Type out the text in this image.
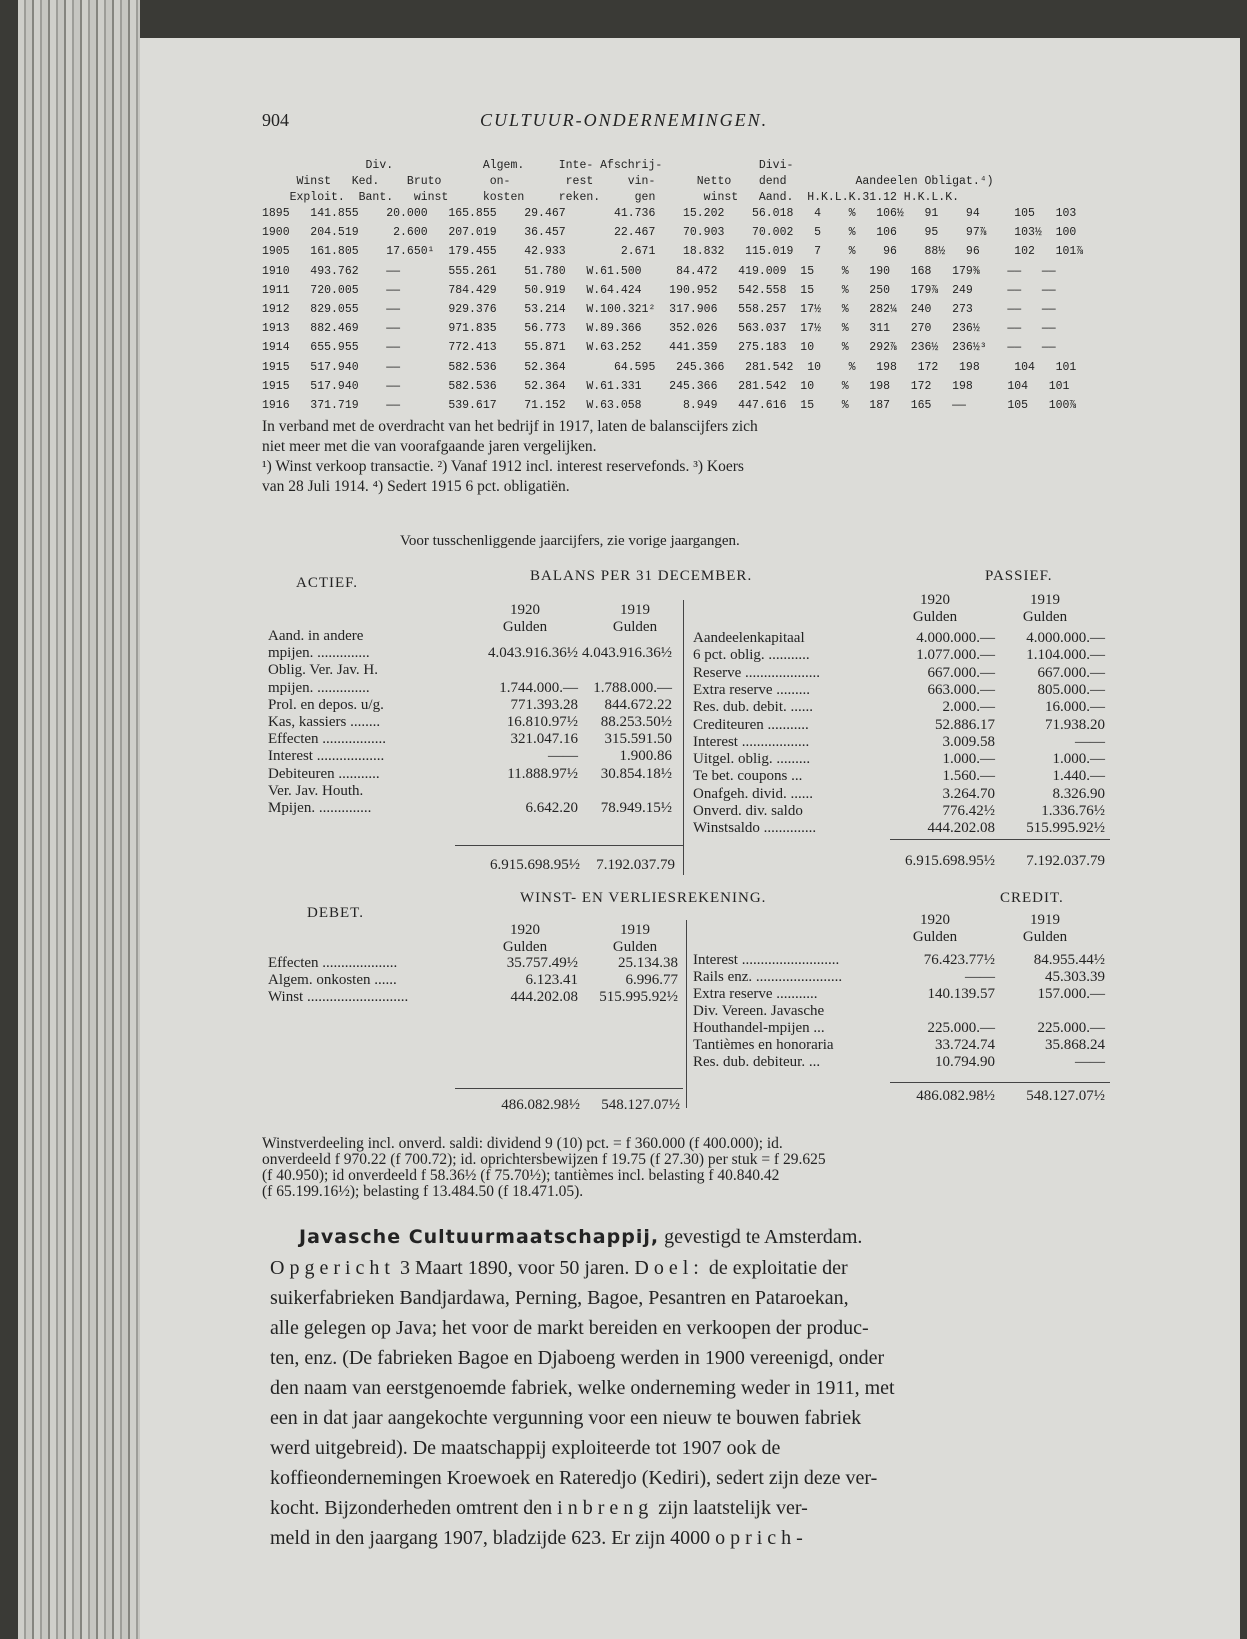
904	CULTUUR-ONDERNEMINGEN.
Div.             Algem.     Inte- Afschrij-              Divi-
Winst   Ked.    Bruto       on-        rest     vin-      Netto    dend          Aandeelen Obligat.⁴)
Exploit.  Bant.   winst     kosten     reken.     gen       winst   Aand.  H.K.L.K.31.12 H.K.L.K.
1895   141.855    20.000   165.855    29.467       41.736    15.202    56.018   4    %   106½   91    94     105   103
1900   204.519     2.600   207.019    36.457       22.467    70.903    70.002   5    %   106    95    97⅞    103½  100
1905   161.805    17.650¹  179.455    42.933        2.671    18.832   115.019   7    %    96    88½   96     102   101⅞
1910   493.762    ——       555.261    51.780   W.61.500     84.472   419.009  15    %   190   168   179⅜    ——   ——
1911   720.005    ——       784.429    50.919   W.64.424    190.952   542.558  15    %   250   179⅞  249     ——   ——
1912   829.055    ——       929.376    53.214   W.100.321²  317.906   558.257  17½   %   282¼  240   273     ——   ——
1913   882.469    ——       971.835    56.773   W.89.366    352.026   563.037  17½   %   311   270   236½    ——   ——
1914   655.955    ——       772.413    55.871   W.63.252    441.359   275.183  10    %   292⅞  236½  236½³   ——   ——
1915   517.940    ——       582.536    52.364       64.595   245.366   281.542  10    %   198   172   198     104   101
1915   517.940    ——       582.536    52.364   W.61.331    245.366   281.542  10    %   198   172   198     104   101
1916   371.719    ——       539.617    71.152   W.63.058      8.949   447.616  15    %   187   165   ——      105   100⅞
In verband met de overdracht van het bedrijf in 1917, laten de balanscijfers zich
niet meer met die van voorafgaande jaren vergelijken.
¹) Winst verkoop transactie. ²) Vanaf 1912 incl. interest reservefonds. ³) Koers
van 28 Juli 1914. ⁴) Sedert 1915 6 pct. obligatiën.
Voor tusschenliggende jaarcijfers, zie vorige jaargangen.
ACTIEF.	BALANS PER 31 DECEMBER.	PASSIEF.
1920	1919
Gulden	Gulden
Aand. in andere
mpijen. ..............	4.043.916.36½ 4.043.916.36½
Oblig. Ver. Jav. H.
mpijen. ..............	1.744.000.—	1.788.000.—
Prol. en depos. u/g.	771.393.28	844.672.22
Kas, kassiers ........	16.810.97½	88.253.50½
Effecten .................	321.047.16	315.591.50
Interest ..................	——	1.900.86
Debiteuren ...........	11.888.97½	30.854.18½
Ver. Jav. Houth.
Mpijen. ..............	6.642.20	78.949.15½
1920	1919
Gulden	Gulden
Aandeelenkapitaal	4.000.000.—	4.000.000.—
6 pct. oblig. ...........	1.077.000.—	1.104.000.—
Reserve ....................	667.000.—	667.000.—
Extra reserve .........	663.000.—	805.000.—
Res. dub. debit. ......	2.000.—	16.000.—
Crediteuren ...........	52.886.17	71.938.20
Interest ..................	3.009.58	——
Uitgel. oblig. .........	1.000.—	1.000.—
Te bet. coupons ...	1.560.—	1.440.—
Onafgeh. divid. ......	3.264.70	8.326.90
Onverd. div. saldo	776.42½	1.336.76½
Winstsaldo ..............	444.202.08	515.995.92½
6.915.698.95½	7.192.037.79	6.915.698.95½	7.192.037.79
DEBET.
WINST- EN VERLIESREKENING.	CREDIT.
1920	1919
Gulden	Gulden
Effecten ....................	35.757.49½	25.134.38
Algem. onkosten ......	6.123.41	6.996.77
Winst ...........................	444.202.08	515.995.92½
1920	1919
Gulden	Gulden
Interest ..........................	76.423.77½	84.955.44½
Rails enz. .......................	——	45.303.39
Extra reserve ...........	140.139.57	157.000.—
Div. Vereen. Javasche
Houthandel-mpijen ...	225.000.—	225.000.—
Tantièmes en honoraria	33.724.74	35.868.24
Res. dub. debiteur. ...	10.794.90	——
486.082.98½	548.127.07½
486.082.98½	548.127.07½
Winstverdeeling incl. onverd. saldi: dividend 9 (10) pct. = f 360.000 (f 400.000); id.
onverdeeld f 970.22 (f 700.72); id. oprichtersbewijzen f 19.75 (f 27.30) per stuk = f 29.625
(f 40.950); id onverdeeld f 58.36½ (f 75.70½); tantièmes incl. belasting f 40.840.42
(f 65.199.16½); belasting f 13.484.50 (f 18.471.05).
Javasche Cultuurmaatschappij, gevestigd te Amsterdam.
Opgericht 3 Maart 1890, voor 50 jaren. Doel: de exploitatie der
suikerfabrieken Bandjardawa, Perning, Bagoe, Pesantren en Pataroekan,
alle gelegen op Java; het voor de markt bereiden en verkoopen der produc-
ten, enz. (De fabrieken Bagoe en Djaboeng werden in 1900 vereenigd, onder
den naam van eerstgenoemde fabriek, welke onderneming weder in 1911, met
een in dat jaar aangekochte vergunning voor een nieuw te bouwen fabriek
werd uitgebreid). De maatschappij exploiteerde tot 1907 ook de
koffieondernemingen Kroewoek en Rateredjo (Kediri), sedert zijn deze ver-
kocht. Bijzonderheden omtrent den inbreng zijn laatstelijk ver-
meld in den jaargang 1907, bladzijde 623. Er zijn 4000 oprich-
